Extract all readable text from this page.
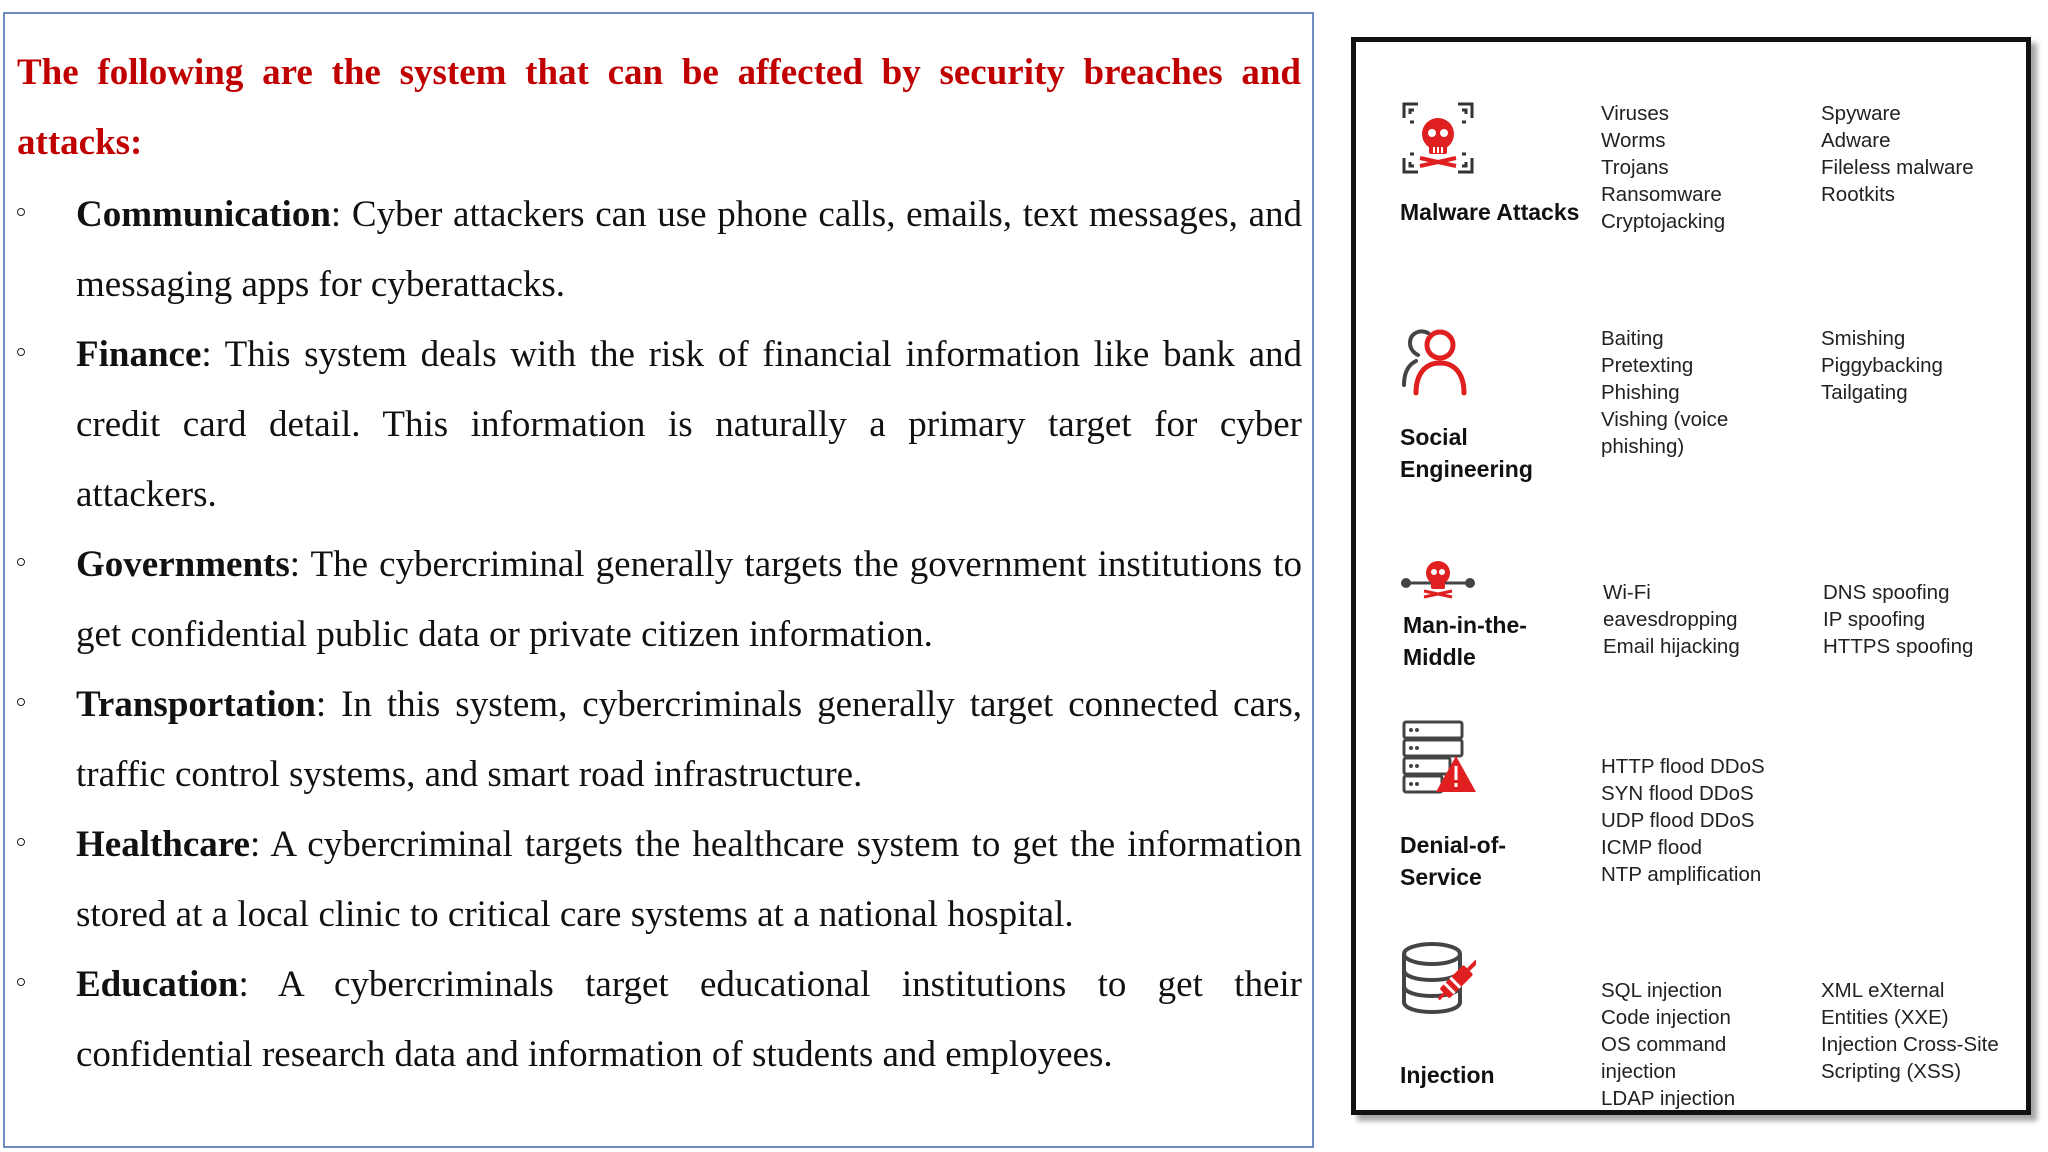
The following are the system that can be affected by security breaches and attacks:

Communication: Cyber attackers can use phone calls, emails, text messages, and messaging apps for cyberattacks.

Finance: This system deals with the risk of financial information like bank and credit card detail. This information is naturally a primary target for cyber attackers.

Governments: The cybercriminal generally targets the government institutions to get confidential public data or private citizen information.

Transportation: In this system, cybercriminals generally target connected cars, traffic control systems, and smart road infrastructure.

Healthcare: A cybercriminal targets the healthcare system to get the information stored at a local clinic to critical care systems at a national hospital.

Education: A cybercriminals target educational institutions to get their confidential research data and information of students and employees.

Malware Attacks
Viruses
Worms
Trojans
Ransomware
Cryptojacking
Spyware
Adware
Fileless malware
Rootkits
Social Engineering
Baiting
Pretexting
Phishing
Vishing (voice
phishing)
Smishing
Piggybacking
Tailgating
Man-in-the-Middle
Wi-Fi
eavesdropping
Email hijacking
DNS spoofing
IP spoofing
HTTPS spoofing
Denial-of-Service
HTTP flood DDoS
SYN flood DDoS
UDP flood DDoS
ICMP flood
NTP amplification
Injection
SQL injection
Code injection
OS command
injection
LDAP injection
XML eXternal
Entities (XXE)
Injection Cross-Site
Scripting (XSS)
